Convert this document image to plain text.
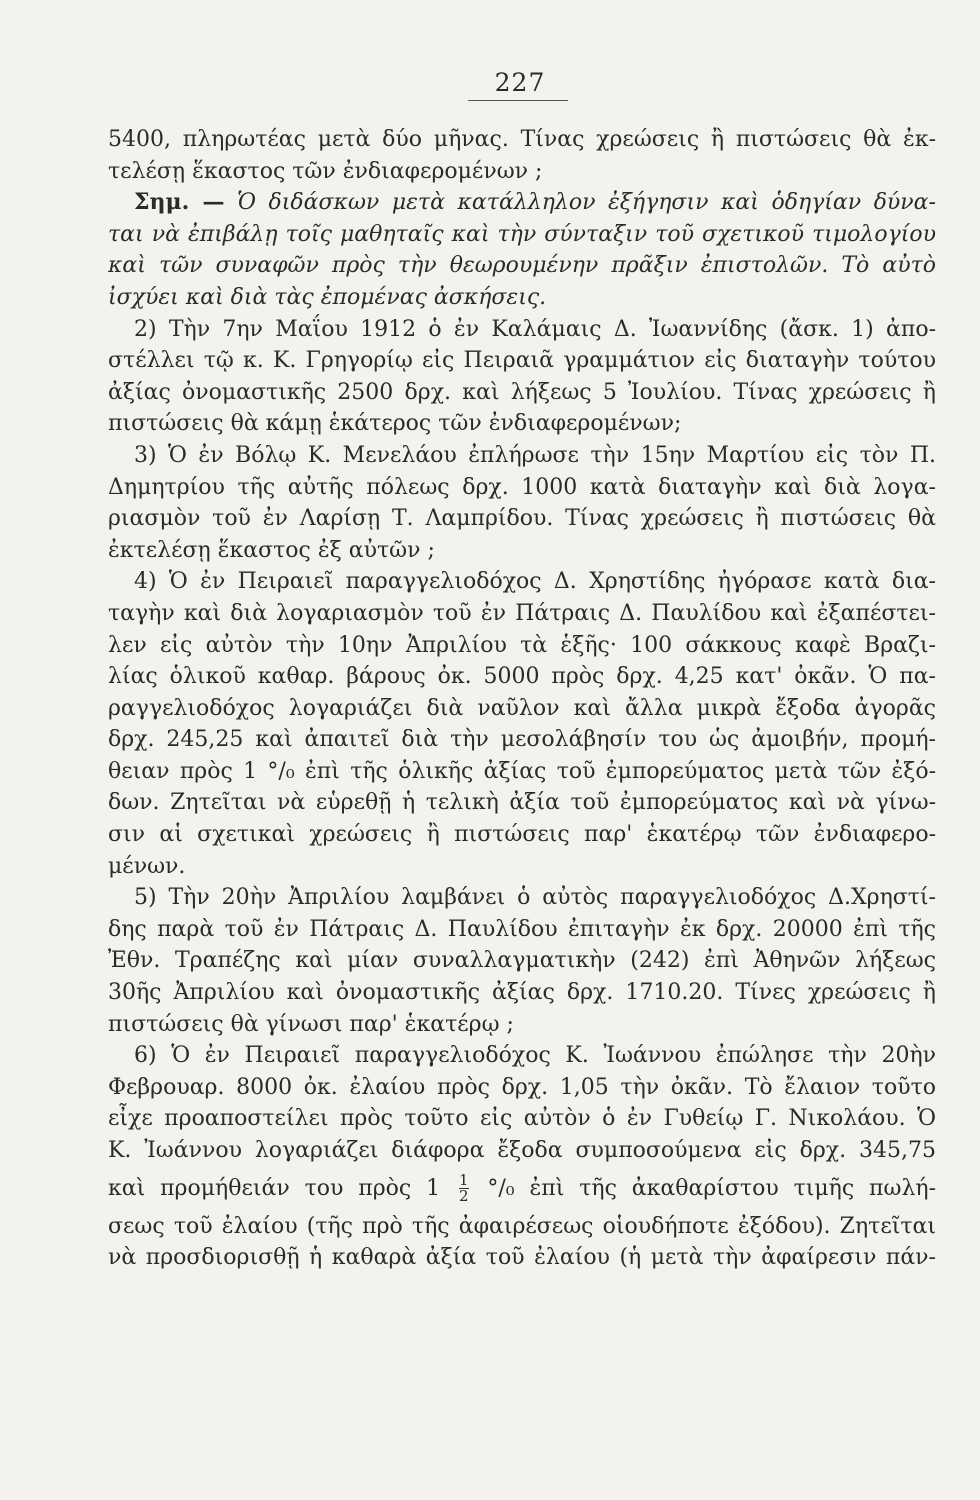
227
5400, πληρωτέας μετὰ δύο μῆνας. Τίνας χρεώσεις ἢ πιστώσεις θὰ ἐκ-
τελέσῃ ἕκαστος τῶν ἐνδιαφερομένων ;
Σημ. — Ὁ διδάσκων μετὰ κατάλληλον ἐξήγησιν καὶ ὁδηγίαν δύνα-
ται νὰ ἐπιβάλῃ τοῖς μαθηταῖς καὶ τὴν σύνταξιν τοῦ σχετικοῦ τιμολογίου
καὶ τῶν συναφῶν πρὸς τὴν θεωρουμένην πρᾶξιν ἐπιστολῶν. Τὸ αὐτὸ
ἰσχύει καὶ διὰ τὰς ἐπομένας ἀσκήσεις.
2) Τὴν 7ην Μαΐου 1912 ὁ ἐν Καλάμαις Δ. Ἰωαννίδης (ἄσκ. 1) ἀπο-
στέλλει τῷ κ. Κ. Γρηγορίῳ εἰς Πειραιᾶ γραμμάτιον εἰς διαταγὴν τούτου
ἀξίας ὀνομαστικῆς 2500 δρχ. καὶ λήξεως 5 Ἰουλίου. Τίνας χρεώσεις ἢ
πιστώσεις θὰ κάμῃ ἑκάτερος τῶν ἐνδιαφερομένων;
3) Ὁ ἐν Βόλῳ Κ. Μενελάου ἐπλήρωσε τὴν 15ην Μαρτίου εἰς τὸν Π.
Δημητρίου τῆς αὐτῆς πόλεως δρχ. 1000 κατὰ διαταγὴν καὶ διὰ λογα-
ριασμὸν τοῦ ἐν Λαρίσῃ Τ. Λαμπρίδου. Τίνας χρεώσεις ἢ πιστώσεις θὰ
ἐκτελέσῃ ἕκαστος ἐξ αὐτῶν ;
4) Ὁ ἐν Πειραιεῖ παραγγελιοδόχος Δ. Χρηστίδης ἠγόρασε κατὰ δια-
ταγὴν καὶ διὰ λογαριασμὸν τοῦ ἐν Πάτραις Δ. Παυλίδου καὶ ἐξαπέστει-
λεν εἰς αὐτὸν τὴν 10ην Ἀπριλίου τὰ ἑξῆς· 100 σάκκους καφὲ Βραζι-
λίας ὁλικοῦ καθαρ. βάρους ὀκ. 5000 πρὸς δρχ. 4,25 κατ' ὀκᾶν. Ὁ πα-
ραγγελιοδόχος λογαριάζει διὰ ναῦλον καὶ ἄλλα μικρὰ ἔξοδα ἀγορᾶς
δρχ. 245,25 καὶ ἀπαιτεῖ διὰ τὴν μεσολάβησίν του ὡς ἀμοιβήν, προμή-
θειαν πρὸς 1 °/₀ ἐπὶ τῆς ὁλικῆς ἀξίας τοῦ ἐμπορεύματος μετὰ τῶν ἐξό-
δων. Ζητεῖται νὰ εὑρεθῇ ἡ τελικὴ ἀξία τοῦ ἐμπορεύματος καὶ νὰ γίνω-
σιν αἱ σχετικαὶ χρεώσεις ἢ πιστώσεις παρ' ἑκατέρῳ τῶν ἐνδιαφερο-
μένων.
5) Τὴν 20ὴν Ἀπριλίου λαμβάνει ὁ αὐτὸς παραγγελιοδόχος Δ.Χρηστί-
δης παρὰ τοῦ ἐν Πάτραις Δ. Παυλίδου ἐπιταγὴν ἐκ δρχ. 20000 ἐπὶ τῆς
Ἐθν. Τραπέζης καὶ μίαν συναλλαγματικὴν (242) ἐπὶ Ἀθηνῶν λήξεως
30ῆς Ἀπριλίου καὶ ὀνομαστικῆς ἀξίας δρχ. 1710.20. Τίνες χρεώσεις ἢ
πιστώσεις θὰ γίνωσι παρ' ἑκατέρῳ ;
6) Ὁ ἐν Πειραιεῖ παραγγελιοδόχος Κ. Ἰωάννου ἐπώλησε τὴν 20ὴν
Φεβρουαρ. 8000 ὀκ. ἐλαίου πρὸς δρχ. 1,05 τὴν ὀκᾶν. Τὸ ἔλαιον τοῦτο
εἶχε προαποστείλει πρὸς τοῦτο εἰς αὐτὸν ὁ ἐν Γυθείῳ Γ. Νικολάου. Ὁ
Κ. Ἰωάννου λογαριάζει διάφορα ἔξοδα συμποσούμενα εἰς δρχ. 345,75
καὶ προμήθειάν του πρὸς $1 \frac{1}{2} ^\circ/_0$ ἐπὶ τῆς ἀκαθαρίστου τιμῆς πωλή-
σεως τοῦ ἐλαίου (τῆς πρὸ τῆς ἀφαιρέσεως οἱουδήποτε ἐξόδου). Ζητεῖται
νὰ προσδιορισθῇ ἡ καθαρὰ ἀξία τοῦ ἐλαίου (ἡ μετὰ τὴν ἀφαίρεσιν πάν-
